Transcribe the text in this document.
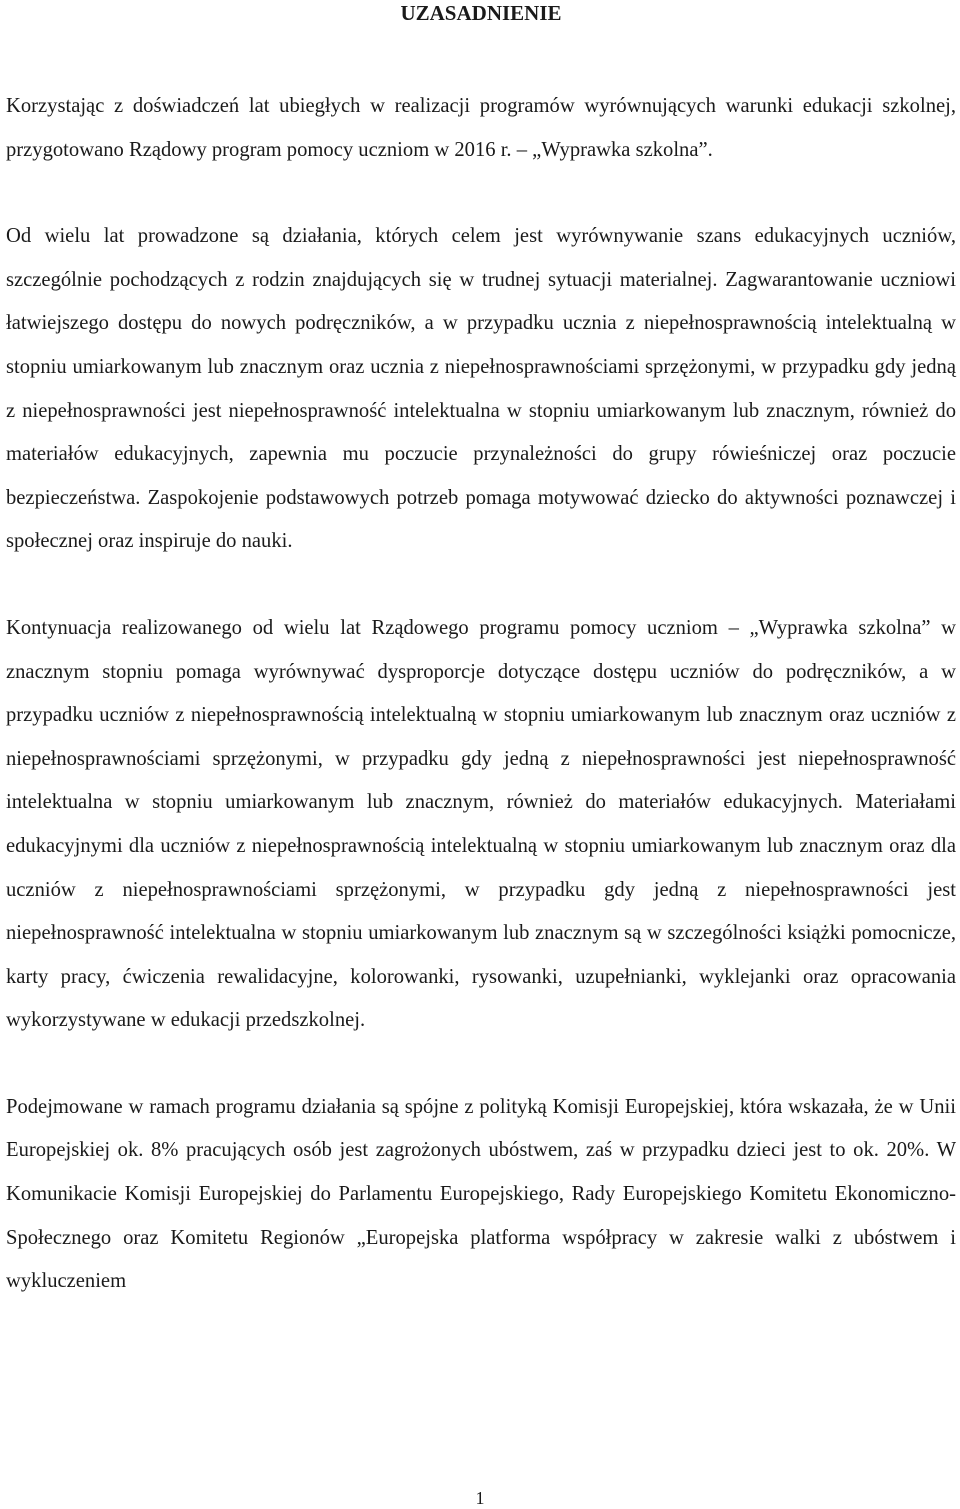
UZASADNIENIE

Korzystając z doświadczeń lat ubiegłych w realizacji programów wyrównujących warunki edukacji szkolnej, przygotowano Rządowy program pomocy uczniom w 2016 r. – „Wyprawka szkolna”.

Od wielu lat prowadzone są działania, których celem jest wyrównywanie szans edukacyjnych uczniów, szczególnie pochodzących z rodzin znajdujących się w trudnej sytuacji materialnej. Zagwarantowanie uczniowi łatwiejszego dostępu do nowych podręczników, a w przypadku ucznia z niepełnosprawnością intelektualną w stopniu umiarkowanym lub znacznym oraz ucznia z niepełnosprawnościami sprzężonymi, w przypadku gdy jedną z niepełnosprawności jest niepełnosprawność intelektualna w stopniu umiarkowanym lub znacznym, również do materiałów edukacyjnych, zapewnia mu poczucie przynależności do grupy rówieśniczej oraz poczucie bezpieczeństwa. Zaspokojenie podstawowych potrzeb pomaga motywować dziecko do aktywności poznawczej i społecznej oraz inspiruje do nauki.

Kontynuacja realizowanego od wielu lat Rządowego programu pomocy uczniom – „Wyprawka szkolna” w znacznym stopniu pomaga wyrównywać dysproporcje dotyczące dostępu uczniów do podręczników, a w przypadku uczniów z niepełnosprawnością intelektualną w stopniu umiarkowanym lub znacznym oraz uczniów z niepełnosprawnościami sprzężonymi, w przypadku gdy jedną z niepełnosprawności jest niepełnosprawność intelektualna w stopniu umiarkowanym lub znacznym, również do materiałów edukacyjnych. Materiałami edukacyjnymi dla uczniów z niepełnosprawnością intelektualną w stopniu umiarkowanym lub znacznym oraz dla uczniów z niepełnosprawnościami sprzężonymi, w przypadku gdy jedną z niepełnosprawności jest niepełnosprawność intelektualna w stopniu umiarkowanym lub znacznym są w szczególności książki pomocnicze, karty pracy, ćwiczenia rewalidacyjne, kolorowanki, rysowanki, uzupełnianki, wyklejanki oraz opracowania wykorzystywane w edukacji przedszkolnej.

Podejmowane w ramach programu działania są spójne z polityką Komisji Europejskiej, która wskazała, że w Unii Europejskiej ok. 8% pracujących osób jest zagrożonych ubóstwem, zaś w przypadku dzieci jest to ok. 20%. W Komunikacie Komisji Europejskiej do Parlamentu Europejskiego, Rady Europejskiego Komitetu Ekonomiczno-Społecznego oraz Komitetu Regionów „Europejska platforma współpracy w zakresie walki z ubóstwem i wykluczeniem

1
